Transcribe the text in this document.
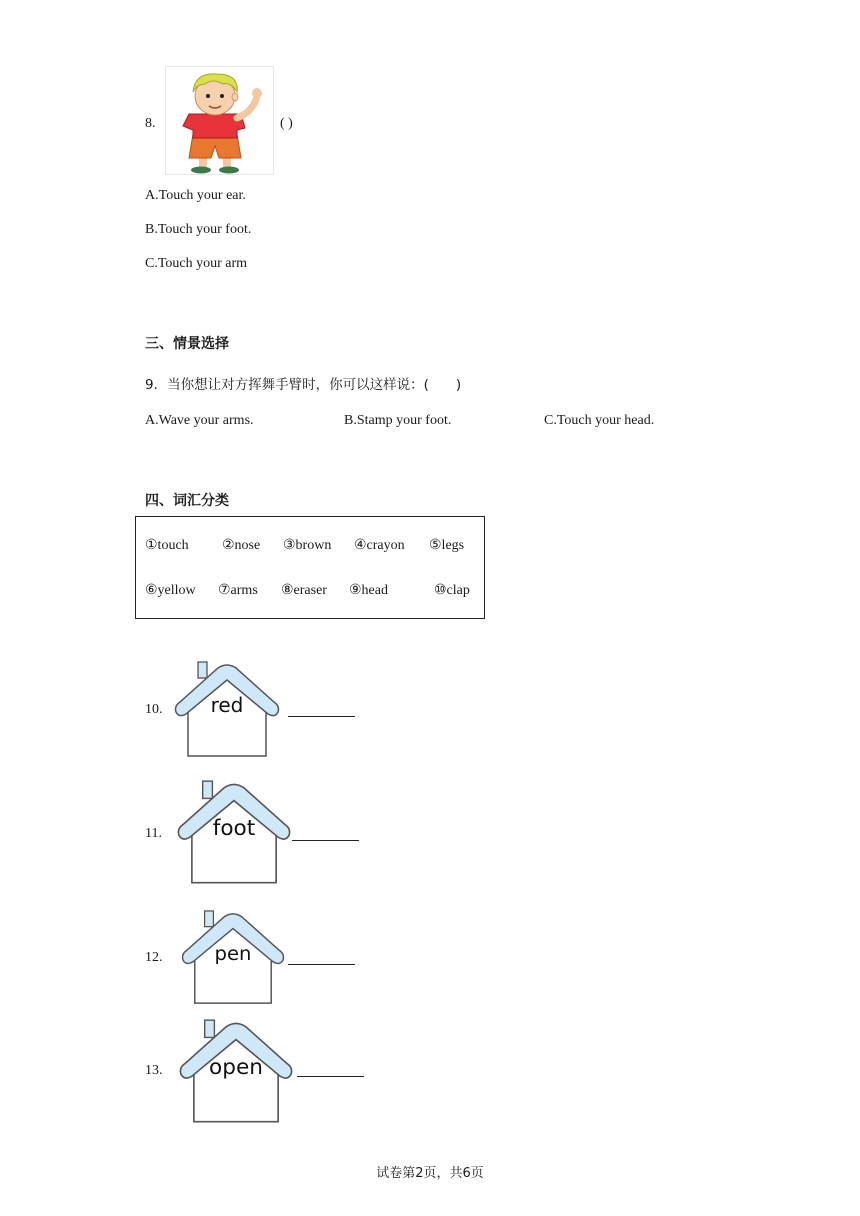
8.	( )
A.Touch your ear.
B.Touch your foot.
C.Touch your arm
三、情景选择
9．当你想让对方挥舞手臂时，你可以这样说：(　　)
A.Wave your arms.	B.Stamp your foot.	C.Touch your head.
四、词汇分类
①touch ②nose ③brown ④crayon ⑤legs
⑥yellow ⑦arms ⑧eraser ⑨head	⑩clap
10. red
11.	foot
12.	pen
13. open
试卷第2页，共6页
